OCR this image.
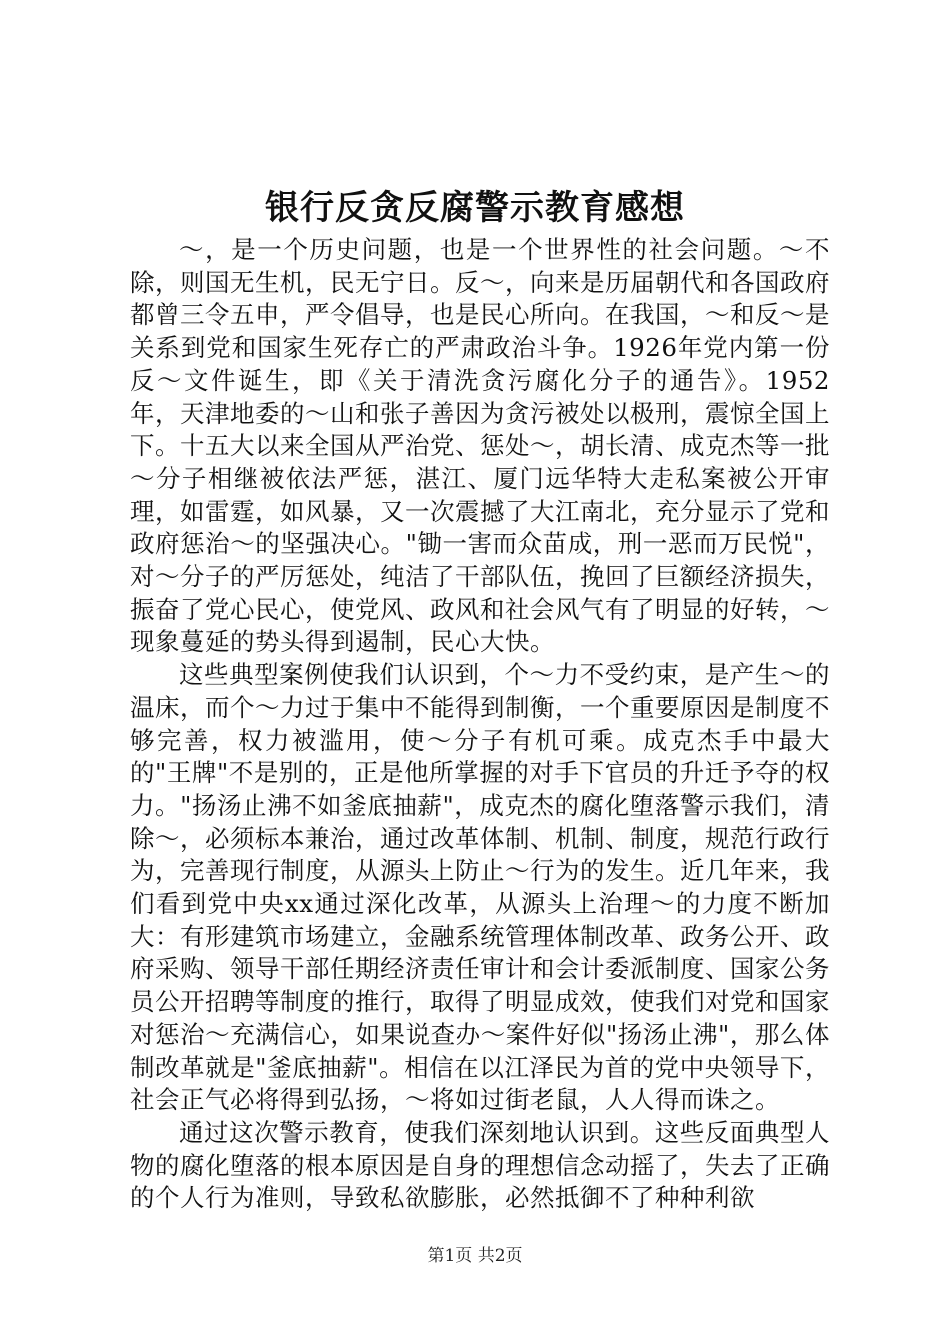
银行反贪反腐警示教育感想

～，是一个历史问题，也是一个世界性的社会问题。～不除，则国无生机，民无宁日。反～，向来是历届朝代和各国政府都曾三令五申，严令倡导，也是民心所向。在我国，～和反～是关系到党和国家生死存亡的严肃政治斗争。1926年党内第一份反～文件诞生，即《关于清洗贪污腐化分子的通告》。1952年，天津地委的～山和张子善因为贪污被处以极刑，震惊全国上下。十五大以来全国从严治党、惩处～，胡长清、成克杰等一批～分子相继被依法严惩，湛江、厦门远华特大走私案被公开审理，如雷霆，如风暴，又一次震撼了大江南北，充分显示了党和政府惩治～的坚强决心。"锄一害而众苗成，刑一恶而万民悦"，对～分子的严厉惩处，纯洁了干部队伍，挽回了巨额经济损失，振奋了党心民心，使党风、政风和社会风气有了明显的好转，～现象蔓延的势头得到遏制，民心大快。

这些典型案例使我们认识到，个～力不受约束，是产生～的温床，而个～力过于集中不能得到制衡，一个重要原因是制度不够完善，权力被滥用，使～分子有机可乘。成克杰手中最大的"王牌"不是别的，正是他所掌握的对手下官员的升迁予夺的权力。"扬汤止沸不如釜底抽薪"，成克杰的腐化堕落警示我们，清除～，必须标本兼治，通过改革体制、机制、制度，规范行政行为，完善现行制度，从源头上防止～行为的发生。近几年来，我们看到党中央xx通过深化改革，从源头上治理～的力度不断加大：有形建筑市场建立，金融系统管理体制改革、政务公开、政府采购、领导干部任期经济责任审计和会计委派制度、国家公务员公开招聘等制度的推行，取得了明显成效，使我们对党和国家对惩治～充满信心，如果说查办～案件好似"扬汤止沸"，那么体制改革就是"釜底抽薪"。相信在以江泽民为首的党中央领导下，社会正气必将得到弘扬，～将如过街老鼠，人人得而诛之。

通过这次警示教育，使我们深刻地认识到。这些反面典型人物的腐化堕落的根本原因是自身的理想信念动摇了，失去了正确的个人行为准则，导致私欲膨胀，必然抵御不了种种利欲

第1页 共2页
